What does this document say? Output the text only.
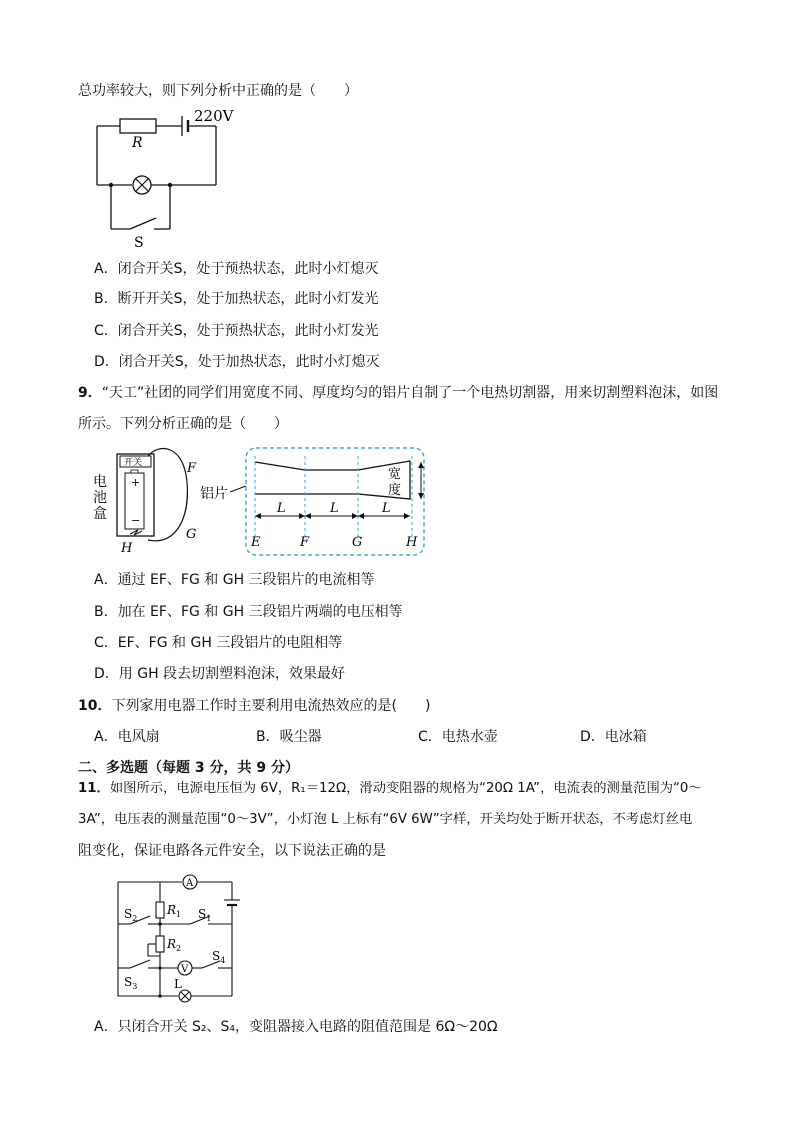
总功率较大，则下列分析中正确的是（　　）
220V
R
S
A．闭合开关S，处于预热状态，此时小灯熄灭
B．断开开关S，处于加热状态，此时小灯发光
C．闭合开关S，处于预热状态，此时小灯发光
D．闭合开关S，处于加热状态，此时小灯熄灭
9．“天工”社团的同学们用宽度不同、厚度均匀的铝片自制了一个电热切割器，用来切割塑料泡沫，如图
所示。下列分析正确的是（　　）
电
池
盒
开关
+
−
F
G
H
铝片
宽
度
L	L	L
E	F	G	H
A．通过 EF、FG 和 GH 三段铝片的电流相等
B．加在 EF、FG 和 GH 三段铝片两端的电压相等
C．EF、FG 和 GH 三段铝片的电阻相等
D．用 GH 段去切割塑料泡沫，效果最好
10．下列家用电器工作时主要利用电流热效应的是(　　)
A．电风扇	B．吸尘器	C．电热水壶	D．电冰箱
二、多选题（每题 3 分，共 9 分）
11．如图所示，电源电压恒为 6V，R₁＝12Ω，滑动变阻器的规格为“20Ω 1A”，电流表的测量范围为“0～
3A”，电压表的测量范围“0～3V”，小灯泡 L 上标有“6V 6W”字样，开关均处于断开状态，不考虑灯丝电
阻变化，保证电路各元件安全，以下说法正确的是
A
$S_2$
$R_1$ $S_1$
$R_2$
V
$S_4$
$S_3$	L
A．只闭合开关 S₂、S₄，变阻器接入电路的阻值范围是 6Ω～20Ω
